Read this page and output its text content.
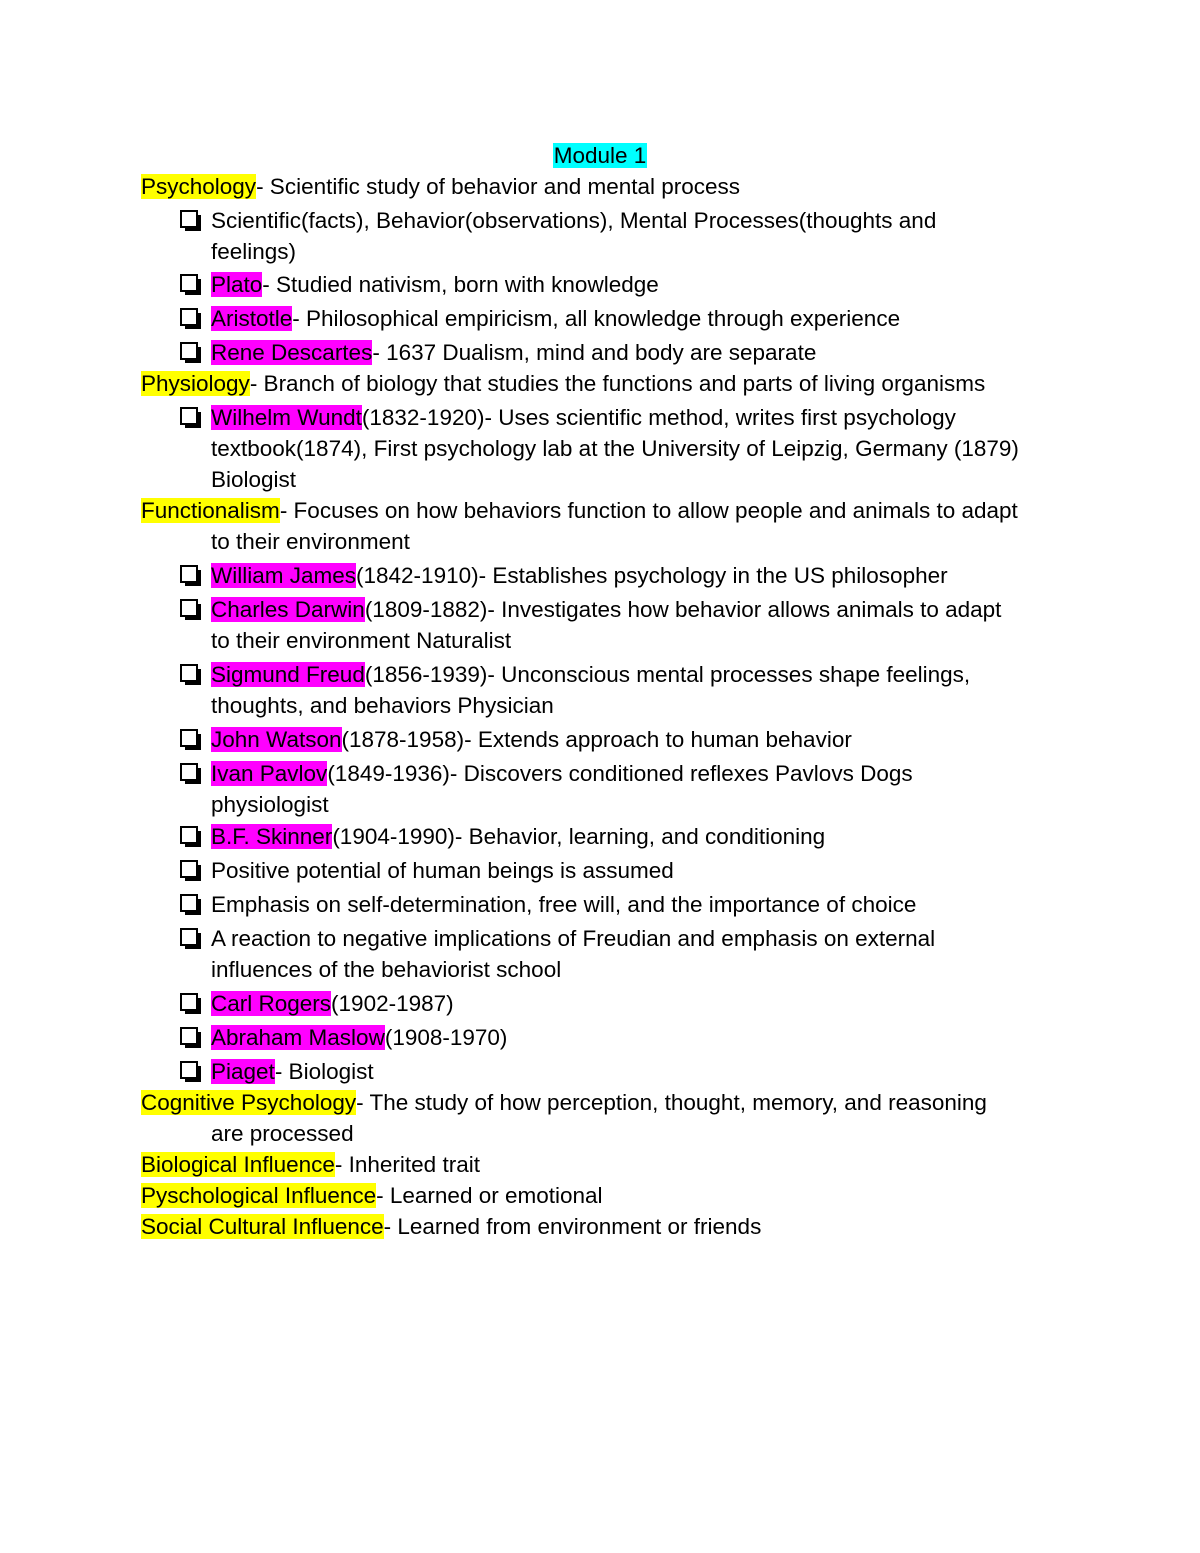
Module 1
Psychology- Scientific study of behavior and mental process
Scientific(facts), Behavior(observations), Mental Processes(thoughts and
feelings)
Plato- Studied nativism, born with knowledge
Aristotle- Philosophical empiricism, all knowledge through experience
Rene Descartes- 1637 Dualism, mind and body are separate
Physiology- Branch of biology that studies the functions and parts of living organisms
Wilhelm Wundt(1832-1920)- Uses scientific method, writes first psychology
textbook(1874), First psychology lab at the University of Leipzig, Germany (1879)
Biologist
Functionalism- Focuses on how behaviors function to allow people and animals to adapt
to their environment
William James(1842-1910)- Establishes psychology in the US philosopher
Charles Darwin(1809-1882)- Investigates how behavior allows animals to adapt
to their environment Naturalist
Sigmund Freud(1856-1939)- Unconscious mental processes shape feelings,
thoughts, and behaviors Physician
John Watson(1878-1958)- Extends approach to human behavior
Ivan Pavlov(1849-1936)- Discovers conditioned reflexes Pavlovs Dogs
physiologist
B.F. Skinner(1904-1990)- Behavior, learning, and conditioning
Positive potential of human beings is assumed
Emphasis on self-determination, free will, and the importance of choice
A reaction to negative implications of Freudian and emphasis on external
influences of the behaviorist school
Carl Rogers(1902-1987)
Abraham Maslow(1908-1970)
Piaget- Biologist
Cognitive Psychology- The study of how perception, thought, memory, and reasoning
are processed
Biological Influence- Inherited trait
Pyschological Influence- Learned or emotional
Social Cultural Influence- Learned from environment or friends
